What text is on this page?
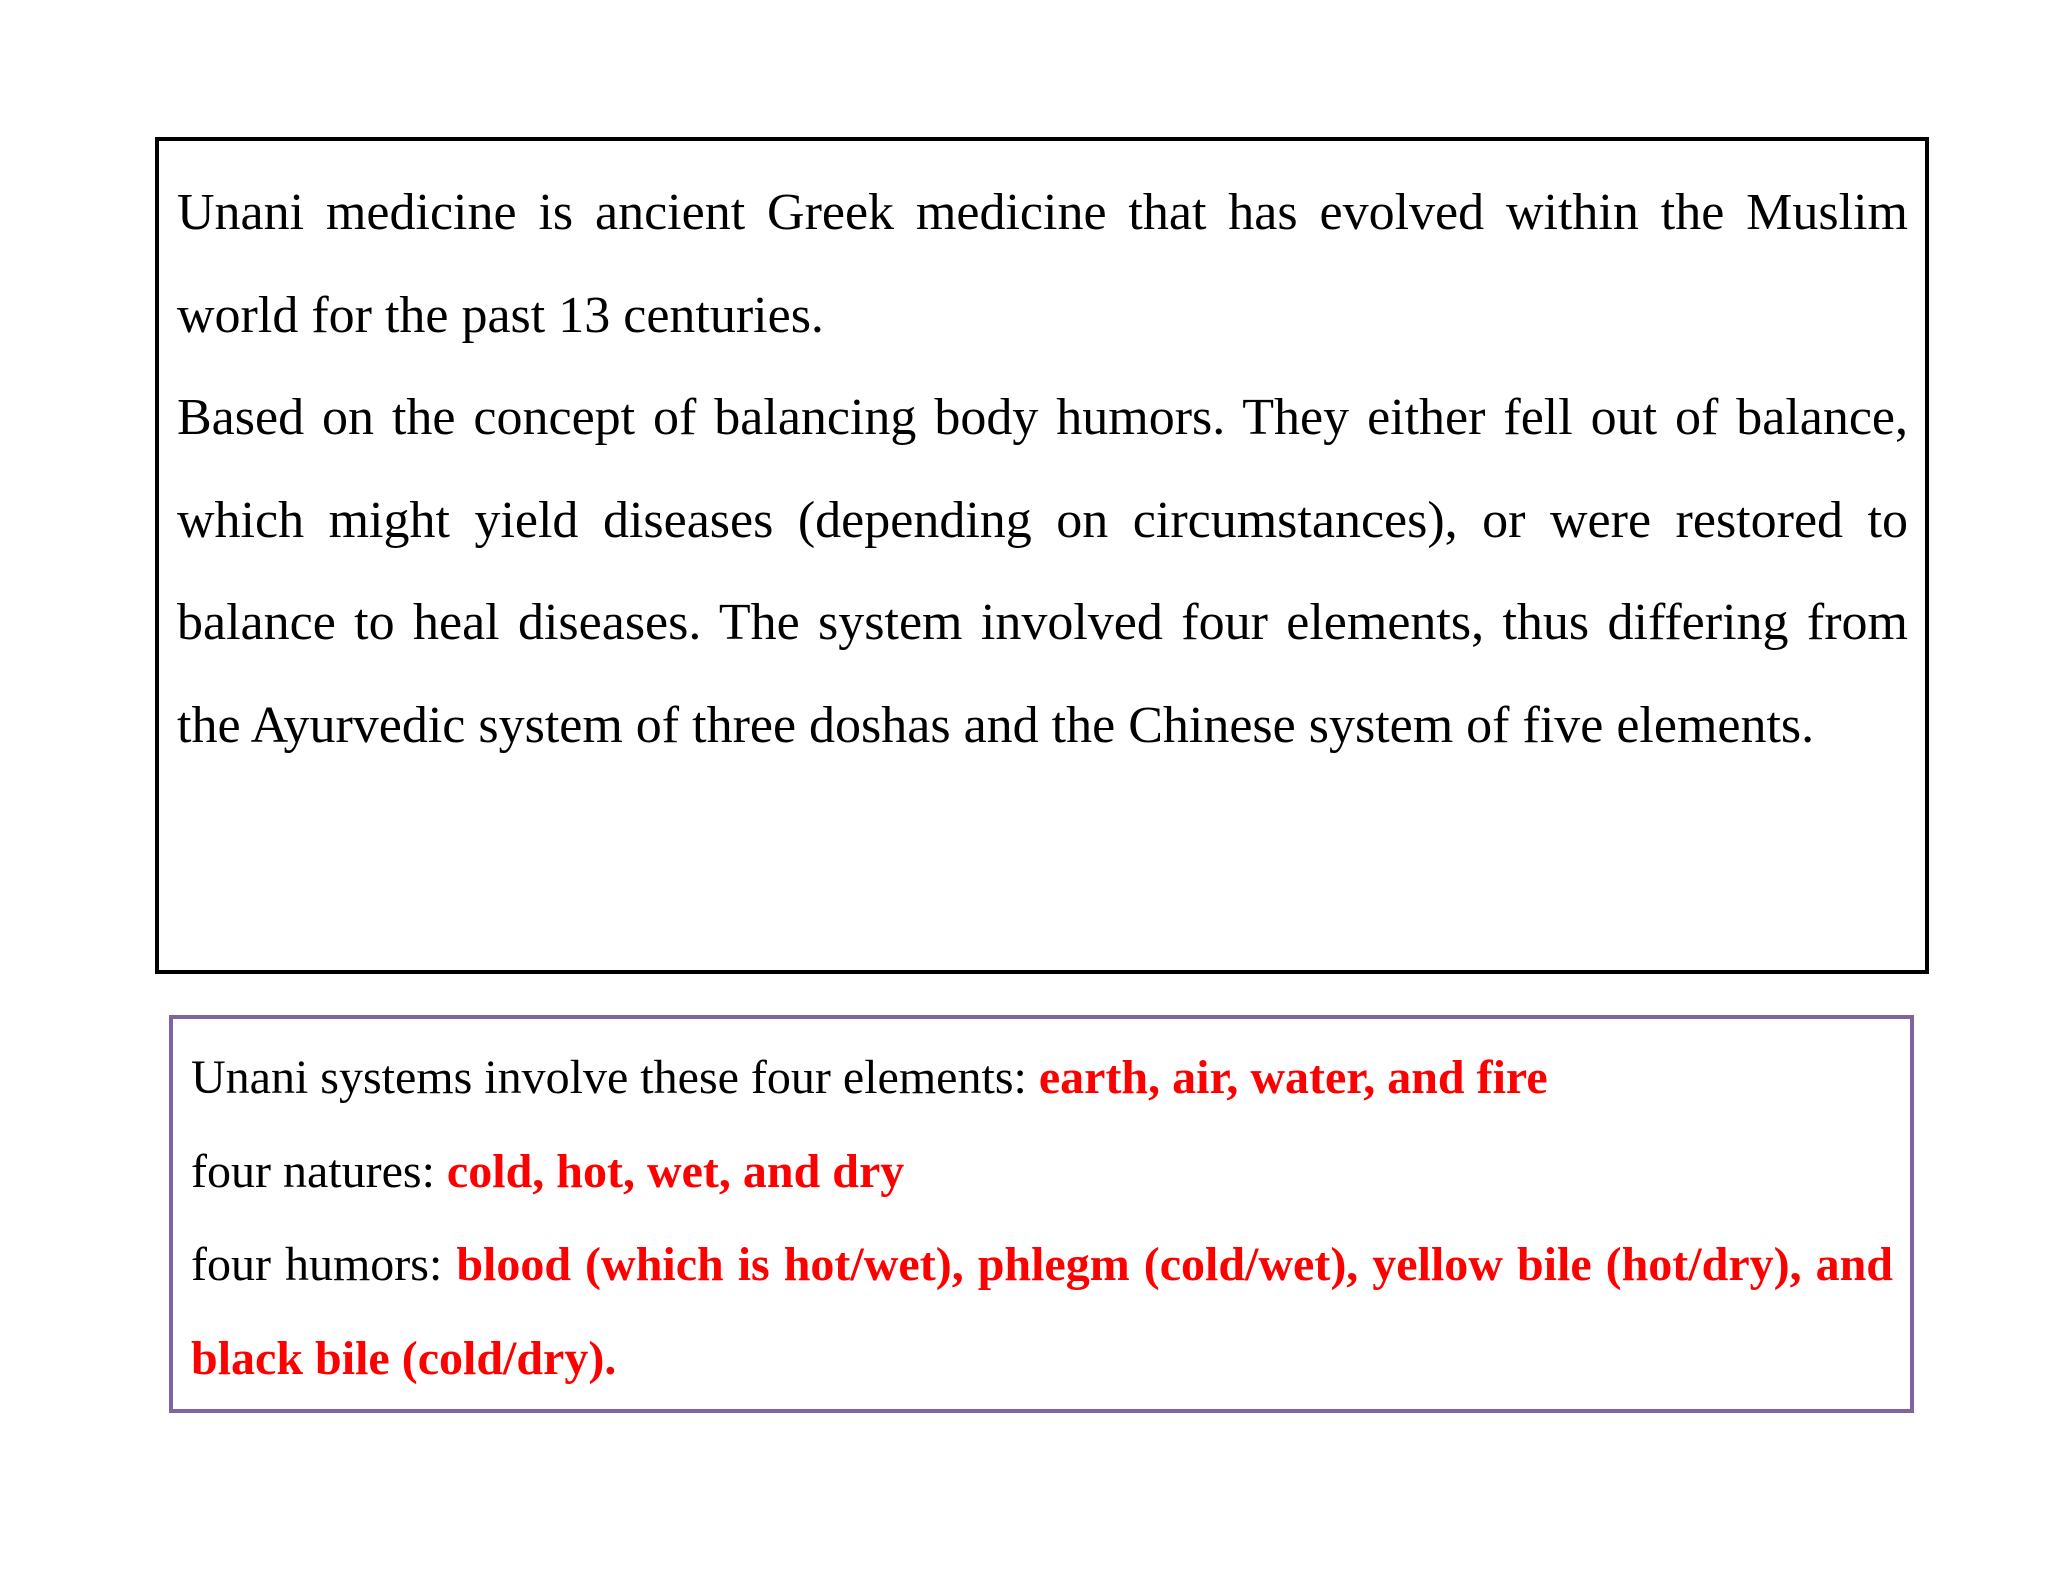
Unani medicine is ancient Greek medicine that has evolved within the Muslim world for the past 13 centuries.

Based on the concept of balancing body humors. They either fell out of balance, which might yield diseases (depending on circumstances), or were restored to balance to heal diseases. The system involved four elements, thus differing from the Ayurvedic system of three doshas and the Chinese system of five elements.

Unani systems involve these four elements: earth, air, water, and fire

four natures: cold, hot, wet, and dry

four humors: blood (which is hot/wet), phlegm (cold/wet), yellow bile (hot/dry), and black bile (cold/dry).
